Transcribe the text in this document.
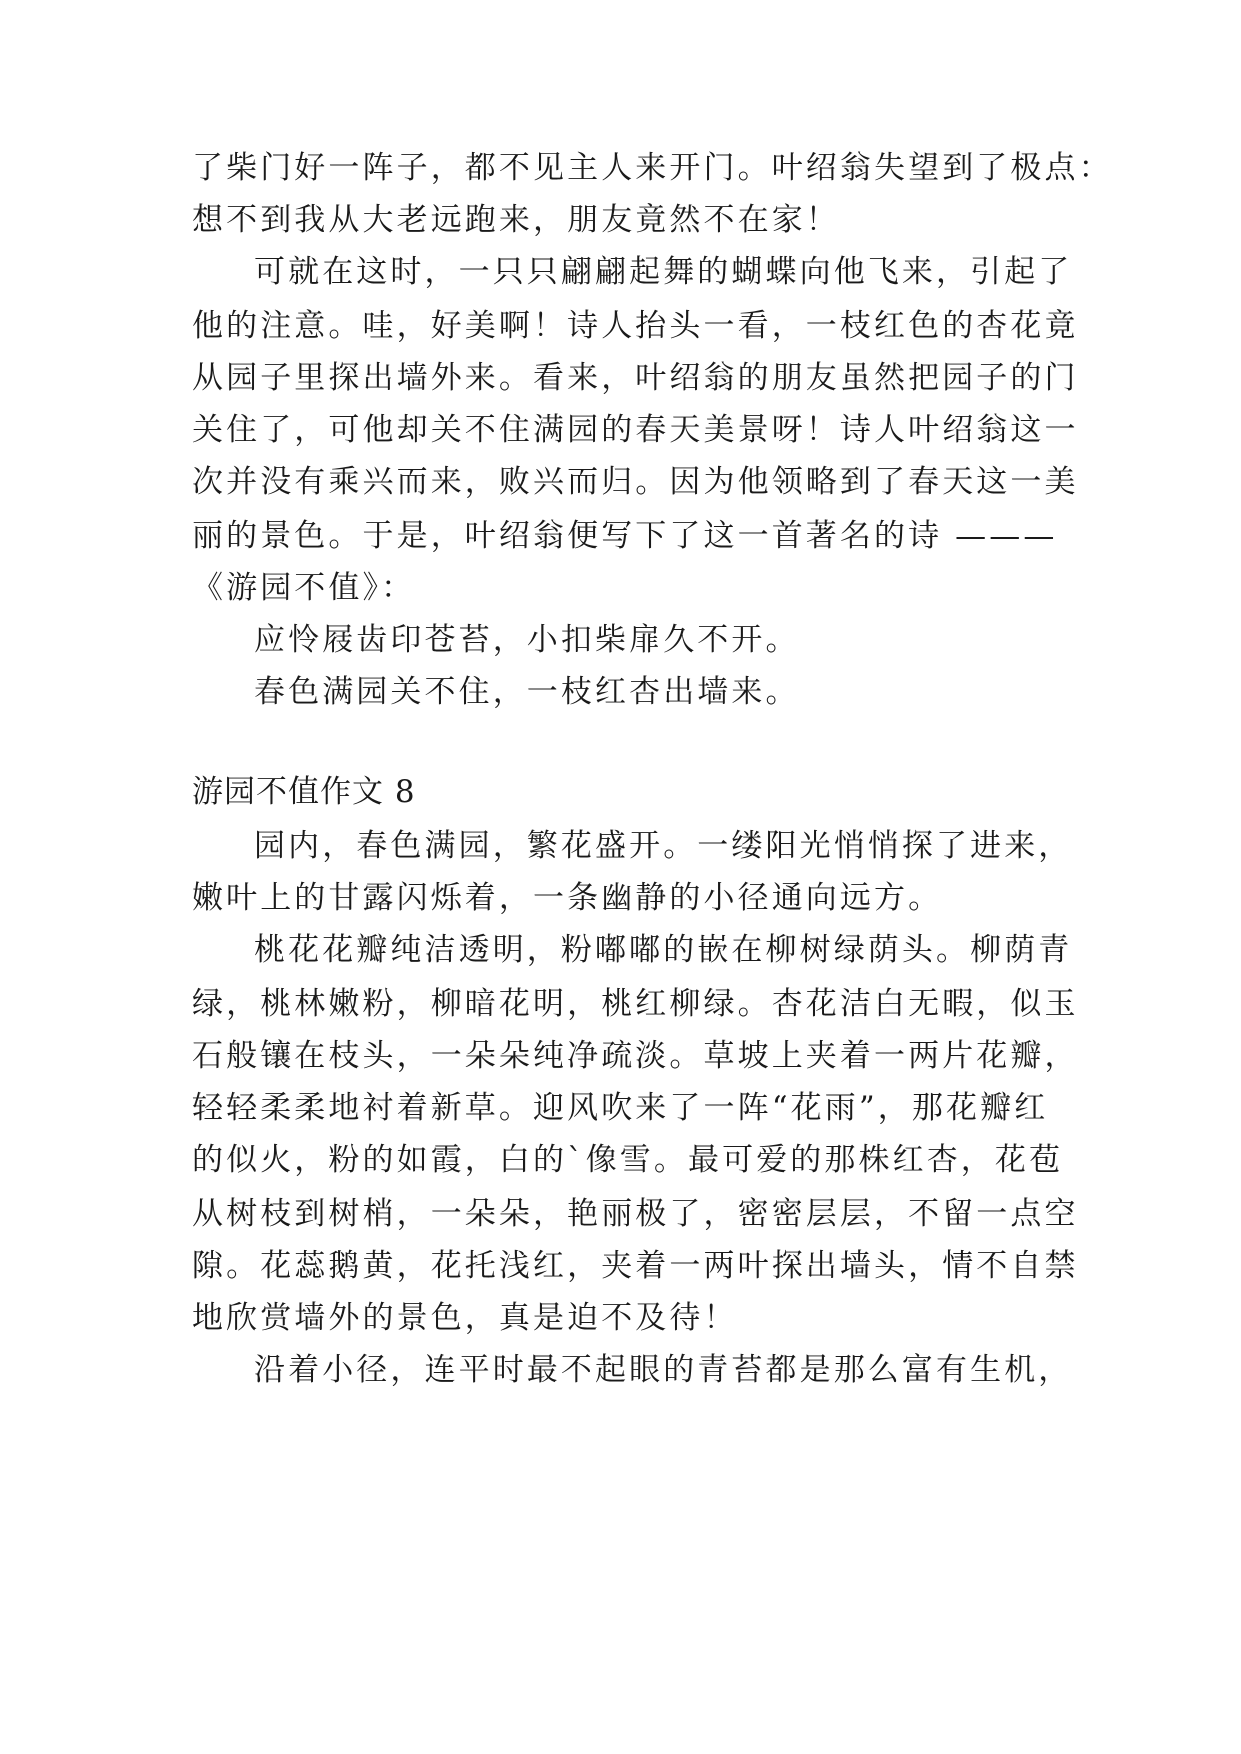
了柴门好一阵子，都不见主人来开门。叶绍翁失望到了极点：
想不到我从大老远跑来，朋友竟然不在家！
可就在这时，一只只翩翩起舞的蝴蝶向他飞来，引起了
他的注意。哇，好美啊！诗人抬头一看，一枝红色的杏花竟
从园子里探出墙外来。看来，叶绍翁的朋友虽然把园子的门
关住了，可他却关不住满园的春天美景呀！诗人叶绍翁这一
次并没有乘兴而来，败兴而归。因为他领略到了春天这一美
丽的景色。于是，叶绍翁便写下了这一首著名的诗 ———
《游园不值》：
应怜屐齿印苍苔，小扣柴扉久不开。
春色满园关不住，一枝红杏出墙来。
游园不值作文 8
园内，春色满园，繁花盛开。一缕阳光悄悄探了进来，
嫩叶上的甘露闪烁着，一条幽静的小径通向远方。
桃花花瓣纯洁透明，粉嘟嘟的嵌在柳树绿荫头。柳荫青
绿，桃林嫩粉，柳暗花明，桃红柳绿。杏花洁白无暇，似玉
石般镶在枝头，一朵朵纯净疏淡。草坡上夹着一两片花瓣，
轻轻柔柔地衬着新草。迎风吹来了一阵“花雨”，那花瓣红
的似火，粉的如霞，白的`像雪。最可爱的那株红杏，花苞
从树枝到树梢，一朵朵，艳丽极了，密密层层，不留一点空
隙。花蕊鹅黄，花托浅红，夹着一两叶探出墙头，情不自禁
地欣赏墙外的景色，真是迫不及待！
沿着小径，连平时最不起眼的青苔都是那么富有生机，
